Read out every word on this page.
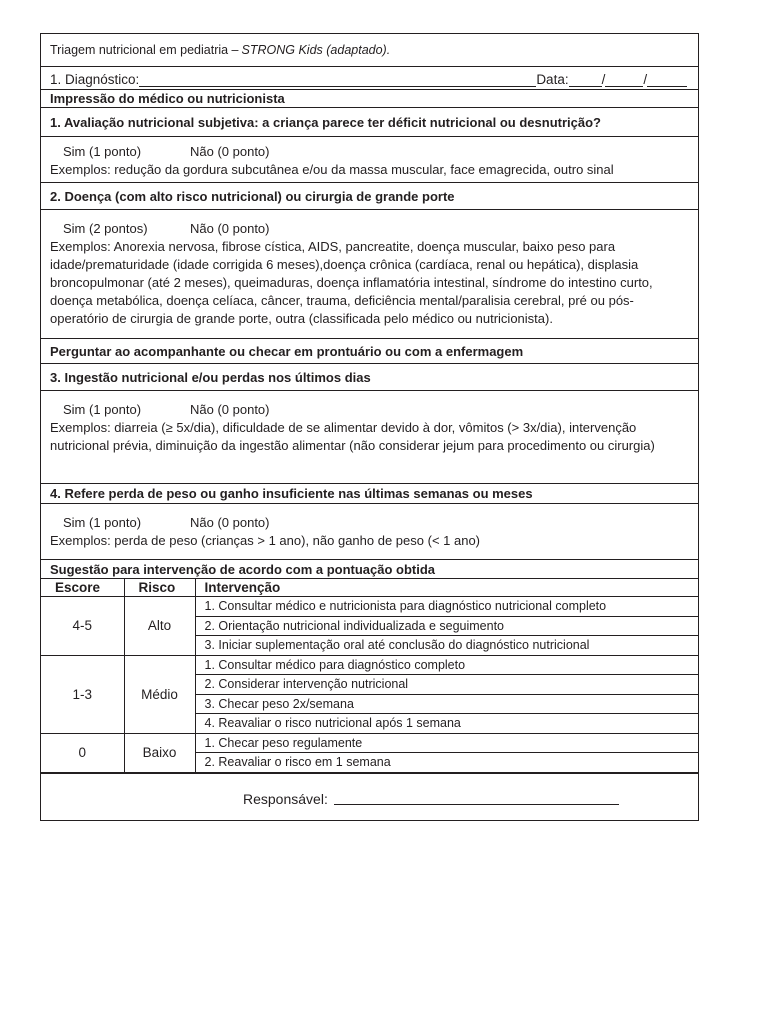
Triagem nutricional em pediatria – STRONG Kids (adaptado).
1. Diagnóstico:	Data: /	/
Impressão do médico ou nutricionista
1. Avaliação nutricional subjetiva: a criança parece ter déficit nutricional ou desnutrição?
Sim (1 ponto)	Não (0 ponto)
Exemplos: redução da gordura subcutânea e/ou da massa muscular, face emagrecida, outro sinal
2. Doença (com alto risco nutricional) ou cirurgia de grande porte
Sim (2 pontos)	Não (0 ponto)
Exemplos: Anorexia nervosa, fibrose cística, AIDS, pancreatite, doença muscular, baixo peso para idade/prematuridade (idade corrigida 6 meses),doença crônica (cardíaca, renal ou hepática), displasia broncopulmonar (até 2 meses), queimaduras, doença inflamatória intestinal, síndrome do intestino curto, doença metabólica, doença celíaca, câncer, trauma, deficiência mental/paralisia cerebral, pré ou pós-operatório de cirurgia de grande porte, outra (classificada pelo médico ou nutricionista).
Perguntar ao acompanhante ou checar em prontuário ou com a enfermagem
3. Ingestão nutricional e/ou perdas nos últimos dias
Sim (1 ponto)	Não (0 ponto)
Exemplos: diarreia (≥ 5x/dia), dificuldade de se alimentar devido à dor, vômitos (> 3x/dia), intervenção nutricional prévia, diminuição da ingestão alimentar (não considerar jejum para procedimento ou cirurgia)
4. Refere perda de peso ou ganho insuficiente nas últimas semanas ou meses
Sim (1 ponto)	Não (0 ponto)
Exemplos: perda de peso (crianças > 1 ano), não ganho de peso (< 1 ano)
Sugestão para intervenção de acordo com a pontuação obtida
Escore	Risco	Intervenção
4-5	Alto	1. Consultar médico e nutricionista para diagnóstico nutricional completo
		2. Orientação nutricional individualizada e seguimento
		3. Iniciar suplementação oral até conclusão do diagnóstico nutricional
1-3	Médio	1. Consultar médico para diagnóstico completo
		2. Considerar intervenção nutricional
		3. Checar peso 2x/semana
		4. Reavaliar o risco nutricional após 1 semana
0	Baixo	1. Checar peso regulamente
		2. Reavaliar o risco em 1 semana
Responsável:
